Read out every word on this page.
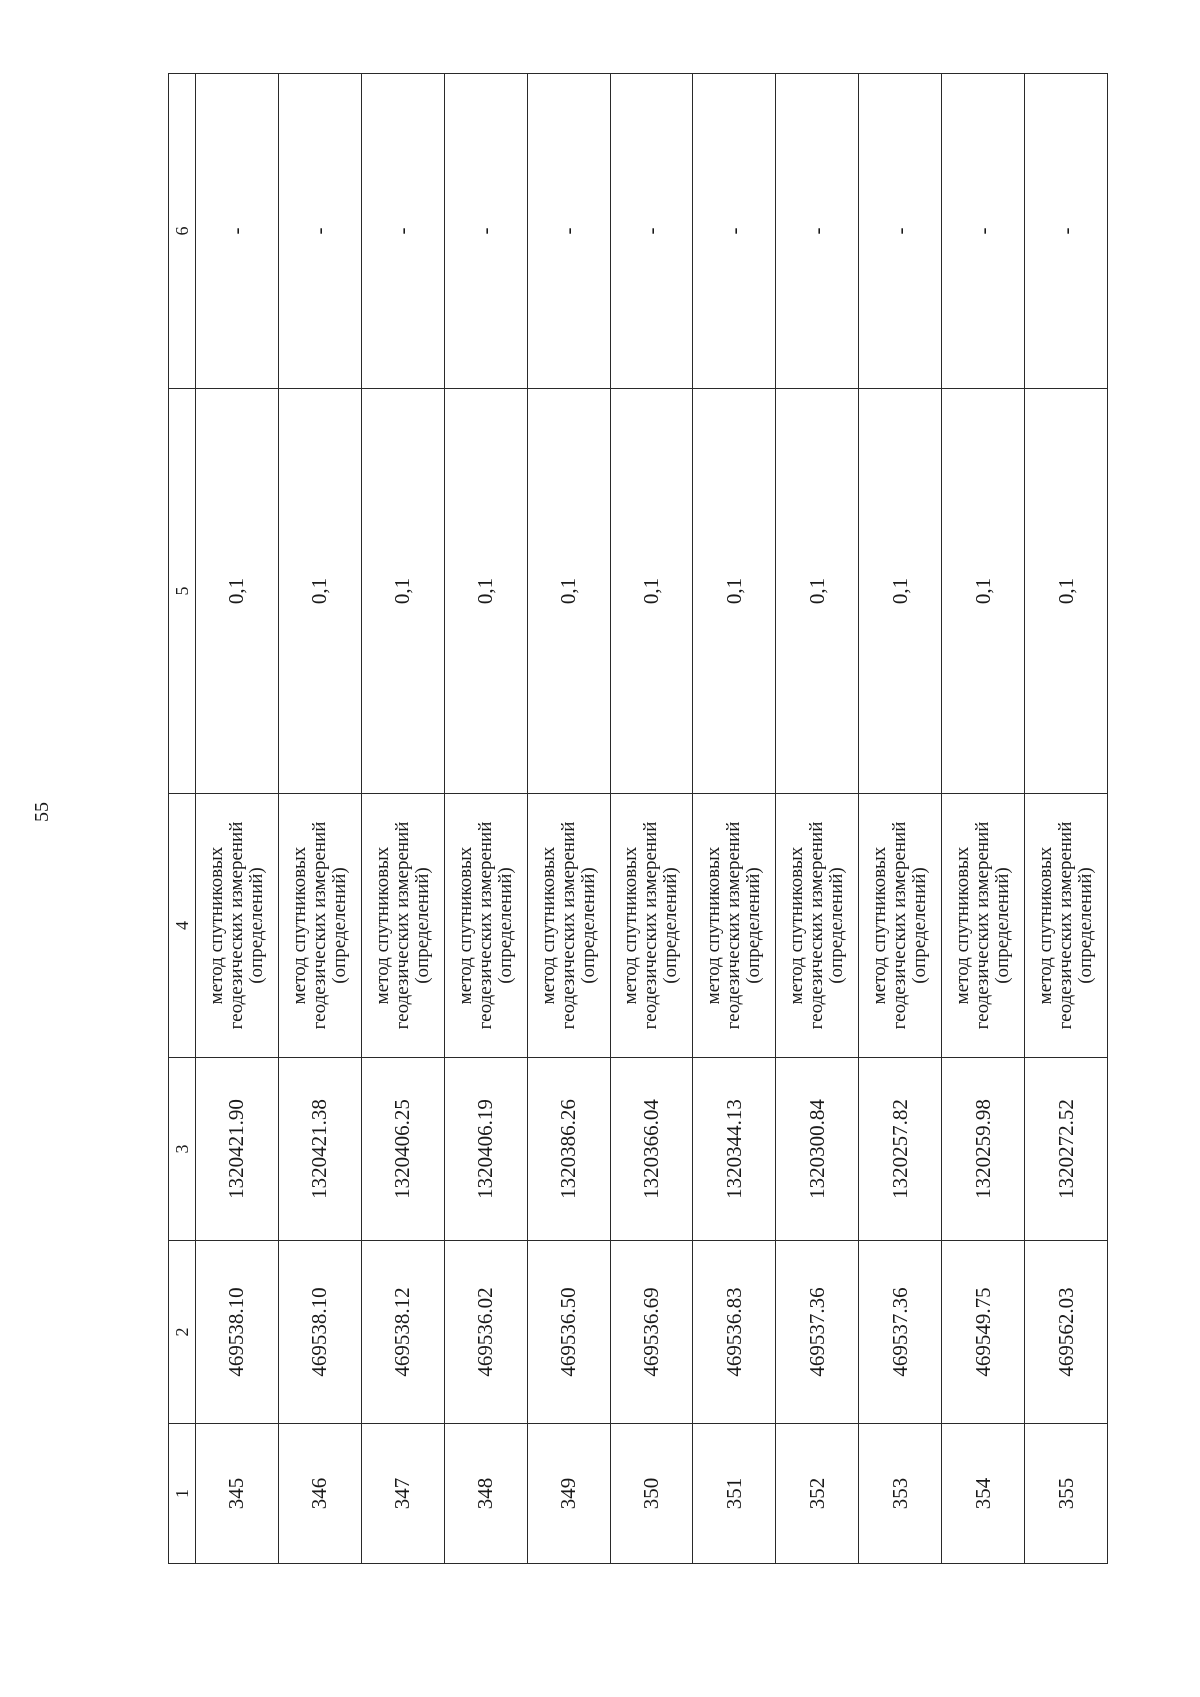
55
1	2	3	4	5	6
345	469538.10	1320421.90	метод спутниковых геодезических измерений (определений)	0,1	-
346	469538.10	1320421.38	метод спутниковых геодезических измерений (определений)	0,1	-
347	469538.12	1320406.25	метод спутниковых геодезических измерений (определений)	0,1	-
348	469536.02	1320406.19	метод спутниковых геодезических измерений (определений)	0,1	-
349	469536.50	1320386.26	метод спутниковых геодезических измерений (определений)	0,1	-
350	469536.69	1320366.04	метод спутниковых геодезических измерений (определений)	0,1	-
351	469536.83	1320344.13	метод спутниковых геодезических измерений (определений)	0,1	-
352	469537.36	1320300.84	метод спутниковых геодезических измерений (определений)	0,1	-
353	469537.36	1320257.82	метод спутниковых геодезических измерений (определений)	0,1	-
354	469549.75	1320259.98	метод спутниковых геодезических измерений (определений)	0,1	-
355	469562.03	1320272.52	метод спутниковых геодезических измерений (определений)	0,1	-
